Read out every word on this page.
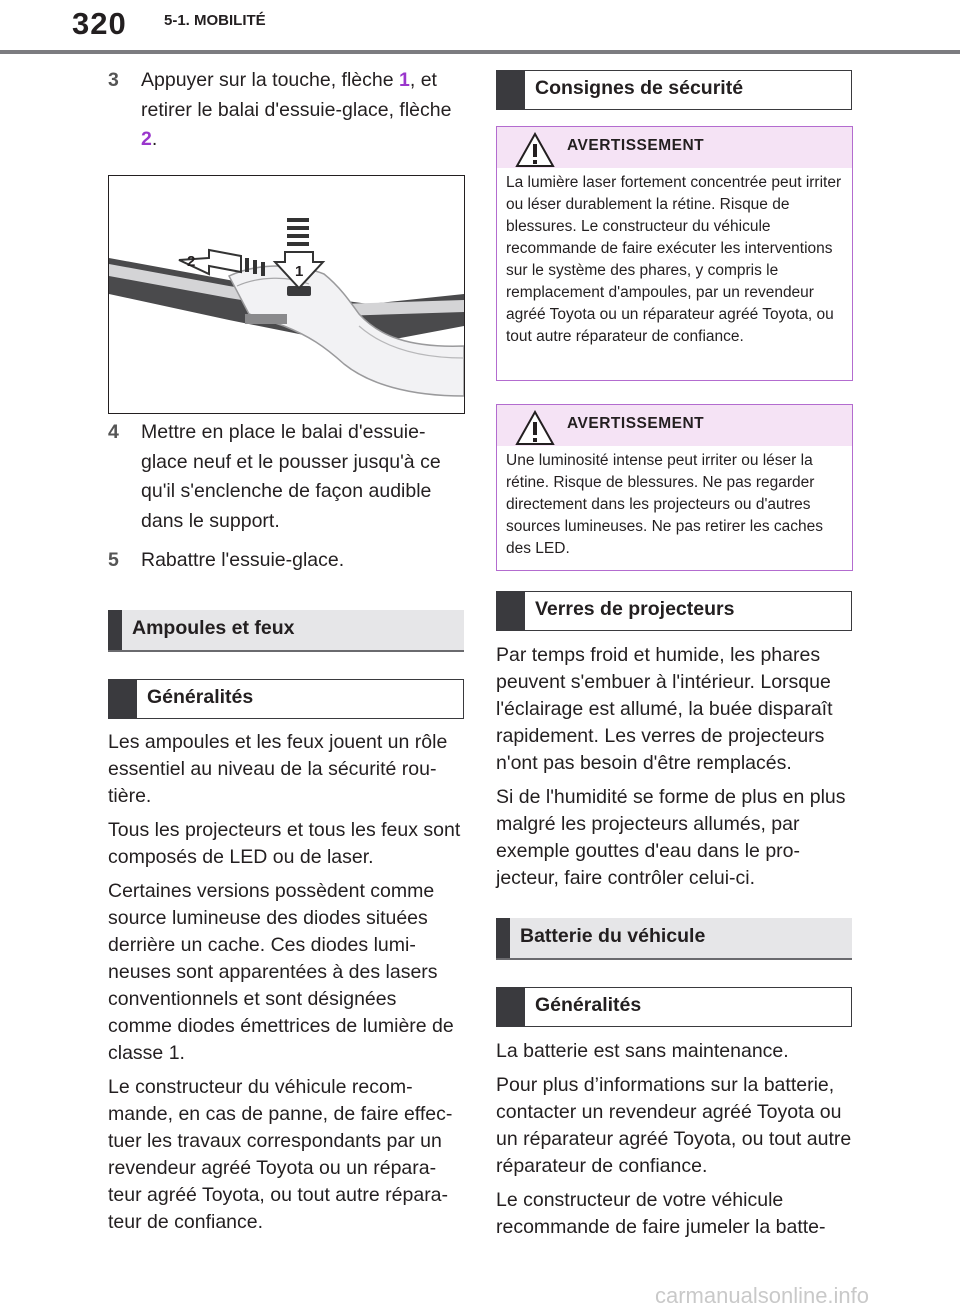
320 5-1. MOBILITÉ
3 Appuyer sur la touche, flèche 1, et retirer le balai d'essuie-glace, flèche 2.
1
2
4 Mettre en place le balai d'essuie-glace neuf et le pousser jusqu'à ce qu'il s'enclenche de façon audible dans le support.
5 Rabattre l'essuie-glace.
Ampoules et feux
Généralités

Les ampoules et les feux jouent un rôle essentiel au niveau de la sécurité rou-tière.

Tous les projecteurs et tous les feux sont composés de LED ou de laser.

Certaines versions possèdent comme source lumineuse des diodes situées derrière un cache. Ces diodes lumi-neuses sont apparentées à des lasers conventionnels et sont désignées comme diodes émettrices de lumière de classe 1.

Le constructeur du véhicule recom-mande, en cas de panne, de faire effec-tuer les travaux correspondants par un revendeur agréé Toyota ou un répara-teur agréé Toyota, ou tout autre répara-teur de confiance.

Consignes de sécurité
AVERTISSEMENT
La lumière laser fortement concentrée peut irriter ou léser durablement la rétine. Risque de blessures. Le constructeur du véhicule recommande de faire exécuter les interventions sur le système des phares, y compris le remplacement d'ampoules, par un revendeur agréé Toyota ou un réparateur agréé Toyota, ou tout autre réparateur de confiance.
AVERTISSEMENT
Une luminosité intense peut irriter ou léser la rétine. Risque de blessures. Ne pas regarder directement dans les projecteurs ou d'autres sources lumineuses. Ne pas retirer les caches des LED.
Verres de projecteurs

Par temps froid et humide, les phares peuvent s'embuer à l'intérieur. Lorsque l'éclairage est allumé, la buée disparaît rapidement. Les verres de projecteurs n'ont pas besoin d'être remplacés.

Si de l'humidité se forme de plus en plus malgré les projecteurs allumés, par exemple gouttes d'eau dans le pro-jecteur, faire contrôler celui-ci.

Batterie du véhicule
Généralités

La batterie est sans maintenance.

Pour plus d’informations sur la batterie, contacter un revendeur agréé Toyota ou un réparateur agréé Toyota, ou tout autre réparateur de confiance.

Le constructeur de votre véhicule recommande de faire jumeler la batte-

carmanualsonline.info
